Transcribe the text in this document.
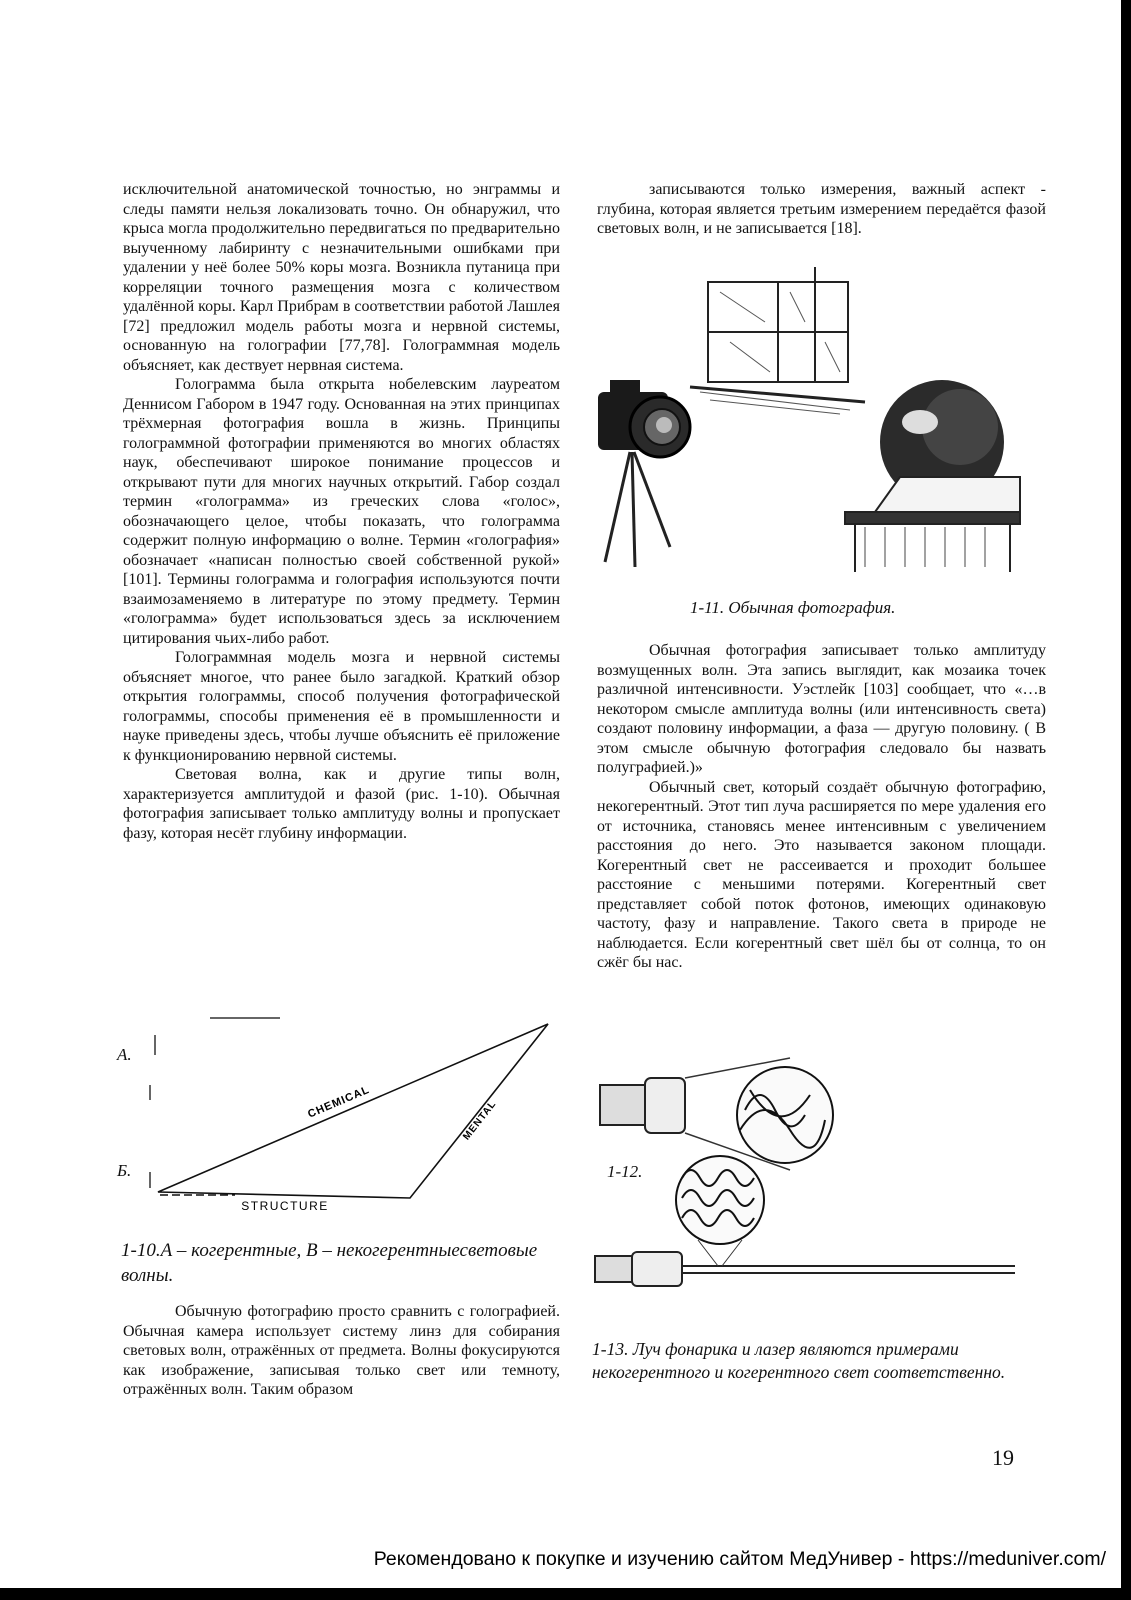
исключительной анатомической точностью, но энграммы и следы памяти нельзя локализовать точно. Он обнаружил, что крыса могла продолжительно передвигаться по предварительно выученному лабиринту с незначительными ошибками при удалении у неё более 50% коры мозга. Возникла путаница при корреляции точного размещения мозга с количеством удалённой коры. Карл Прибрам в соответствии работой Лашлея [72] предложил модель работы мозга и нервной системы, основанную на голографии [77,78]. Голограммная модель объясняет, как дествует нервная система.

Голограмма была открыта нобелевским лауреатом Деннисом Габором в 1947 году. Основанная на этих принципах трёхмерная фотография вошла в жизнь. Принципы голограммной фотографии применяются во многих областях наук, обеспечивают широкое понимание процессов и открывают пути для многих научных открытий. Габор создал термин «голограмма» из греческих слова «голос», обозначающего целое, чтобы показать, что голограмма содержит полную информацию о волне. Термин «голография» обозначает «написан полностью своей собственной рукой» [101]. Термины голограмма и голография используются почти взаимозаменяемо в литературе по этому предмету. Термин «голограмма» будет использоваться здесь за исключением цитирования чьих-либо работ.

Голограммная модель мозга и нервной системы объясняет многое, что ранее было загадкой. Краткий обзор открытия голограммы, способ получения фотографической голограммы, способы применения её в промышленности и науке приведены здесь, чтобы лучше объяснить её приложение к функционированию нервной системы.

Световая волна, как и другие типы волн, характеризуется амплитудой и фазой (рис. 1-10). Обычная фотография записывает только амплитуду волны и пропускает фазу, которая несёт глубину информации.

записываются только измерения, важный аспект - глубина, которая является третьим измерением передаётся фазой световых волн, и не записывается [18].

1-11. Обычная фотография.

Обычная фотография записывает только амплитуду возмущенных волн. Эта запись выглядит, как мозаика точек различной интенсивности. Уэстлейк [103] сообщает, что «…в некотором смысле амплитуда волны (или интенсивность света) создают половину информации, а фаза — другую половину. ( В этом смысле обычную фотография следовало бы назвать полуграфией.)»

Обычный свет, который создаёт обычную фотографию, некогерентный. Этот тип луча расширяется по мере удаления его от источника, становясь менее интенсивным с увеличением расстояния до него. Это называется законом площади. Когерентный свет не рассеивается и проходит большее расстояние с меньшими потерями. Когерентный свет представляет собой поток фотонов, имеющих одинаковую частоту, фазу и направление. Такого света в природе не наблюдается. Если когерентный свет шёл бы от солнца, то он сжёг бы нас.

CHEMICAL	MENTAL
STRUCTURE
А.
Б.
1-10.А – когерентные, В – некогерентныесветовые волны.

Обычную фотографию просто сравнить с голографией. Обычная камера использует систему линз для собирания световых волн, отражённых от предмета. Волны фокусируются как изображение, записывая только свет или темноту, отражённых волн. Таким образом

1-12.
1-13. Луч фонарика и лазер являются примерами некогерентного и когерентного свет соответственно.
19
Рекомендовано к покупке и изучению сайтом МедУнивер - https://meduniver.com/
